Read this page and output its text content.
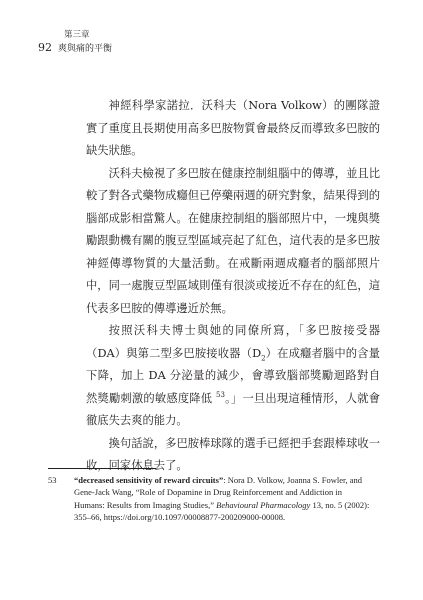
第三章
92 爽與痛的平衡

神經科學家諾拉．沃科夫（Nora Volkow）的團隊證實了重度且長期使用高多巴胺物質會最終反而導致多巴胺的缺失狀態。

沃科夫檢視了多巴胺在健康控制組腦中的傳導，並且比較了對各式藥物成癮但已停藥兩週的研究對象，結果得到的腦部成影相當驚人。在健康控制組的腦部照片中，一塊與獎勵跟動機有關的腹豆型區域亮起了紅色，這代表的是多巴胺神經傳導物質的大量活動。在戒斷兩週成癮者的腦部照片中，同一處腹豆型區域則僅有很淡或接近不存在的紅色，這代表多巴胺的傳導邊近於無。

按照沃科夫博士與她的同僚所寫，「多巴胺接受器（DA）與第二型多巴胺接收器$(D_2)$在成癮者腦中的含量下降，加上 DA 分泌量的減少，會導致腦部獎勵迴路對自然獎勵刺激的敏感度降低 $^{53}$。」一旦出現這種情形，人就會徹底失去爽的能力。

換句話說，多巴胺棒球隊的選手已經把手套跟棒球收一收，回家休息去了。

53 “decreased sensitivity of reward circuits”: Nora D. Volkow, Joanna S. Fowler, and Gene-Jack Wang, “Role of Dopamine in Drug Reinforcement and Addiction in Humans: Results from Imaging Studies,” Behavioural Pharmacology 13, no. 5 (2002): 355–66, https://doi.org/10.1097/00008877-200209000-00008.
